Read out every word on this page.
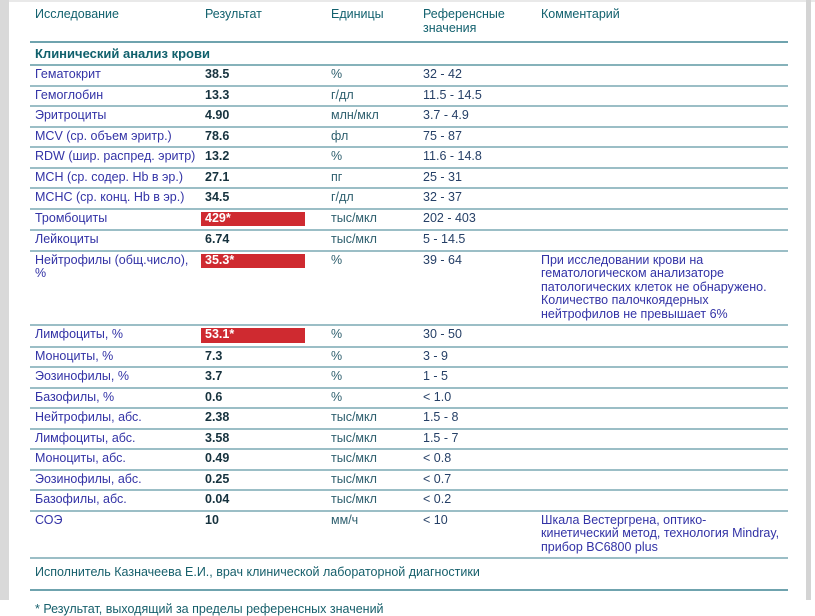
Исследование	Результат	Единицы	Референсные значения	Комментарий
Клинический анализ крови				
Гематокрит	38.5	%	32 - 42	
Гемоглобин	13.3	г/дл	11.5 - 14.5	
Эритроциты	4.90	млн/мкл	3.7 - 4.9	
MCV (ср. объем эритр.)	78.6	фл	75 - 87	
RDW (шир. распред. эритр)	13.2	%	11.6 - 14.8	
MCH (ср. содер. Hb в эр.)	27.1	пг	25 - 31	
MCHC (ср. конц. Hb в эр.)	34.5	г/дл	32 - 37	
Тромбоциты	429*	тыс/мкл	202 - 403	
Лейкоциты	6.74	тыс/мкл	5 - 14.5	
Нейтрофилы (общ.число), %	35.3*	%	39 - 64	При исследовании крови на гематологическом анализаторе патологических клеток не обнаружено. Количество палочкоядерных нейтрофилов не превышает 6%
Лимфоциты, %	53.1*	%	30 - 50	
Моноциты, %	7.3	%	3 - 9	
Эозинофилы, %	3.7	%	1 - 5	
Базофилы, %	0.6	%	< 1.0	
Нейтрофилы, абс.	2.38	тыс/мкл	1.5 - 8	
Лимфоциты, абс.	3.58	тыс/мкл	1.5 - 7	
Моноциты, абс.	0.49	тыс/мкл	< 0.8	
Эозинофилы, абс.	0.25	тыс/мкл	< 0.7	
Базофилы, абс.	0.04	тыс/мкл	< 0.2	
СОЭ	10	мм/ч	< 10	Шкала Вестергрена, оптико-кинетический метод, технология Mindray, прибор BC6800 plus
Исполнитель Казначеева Е.И., врач клинической лабораторной диагностики
* Результат, выходящий за пределы референсных значений
